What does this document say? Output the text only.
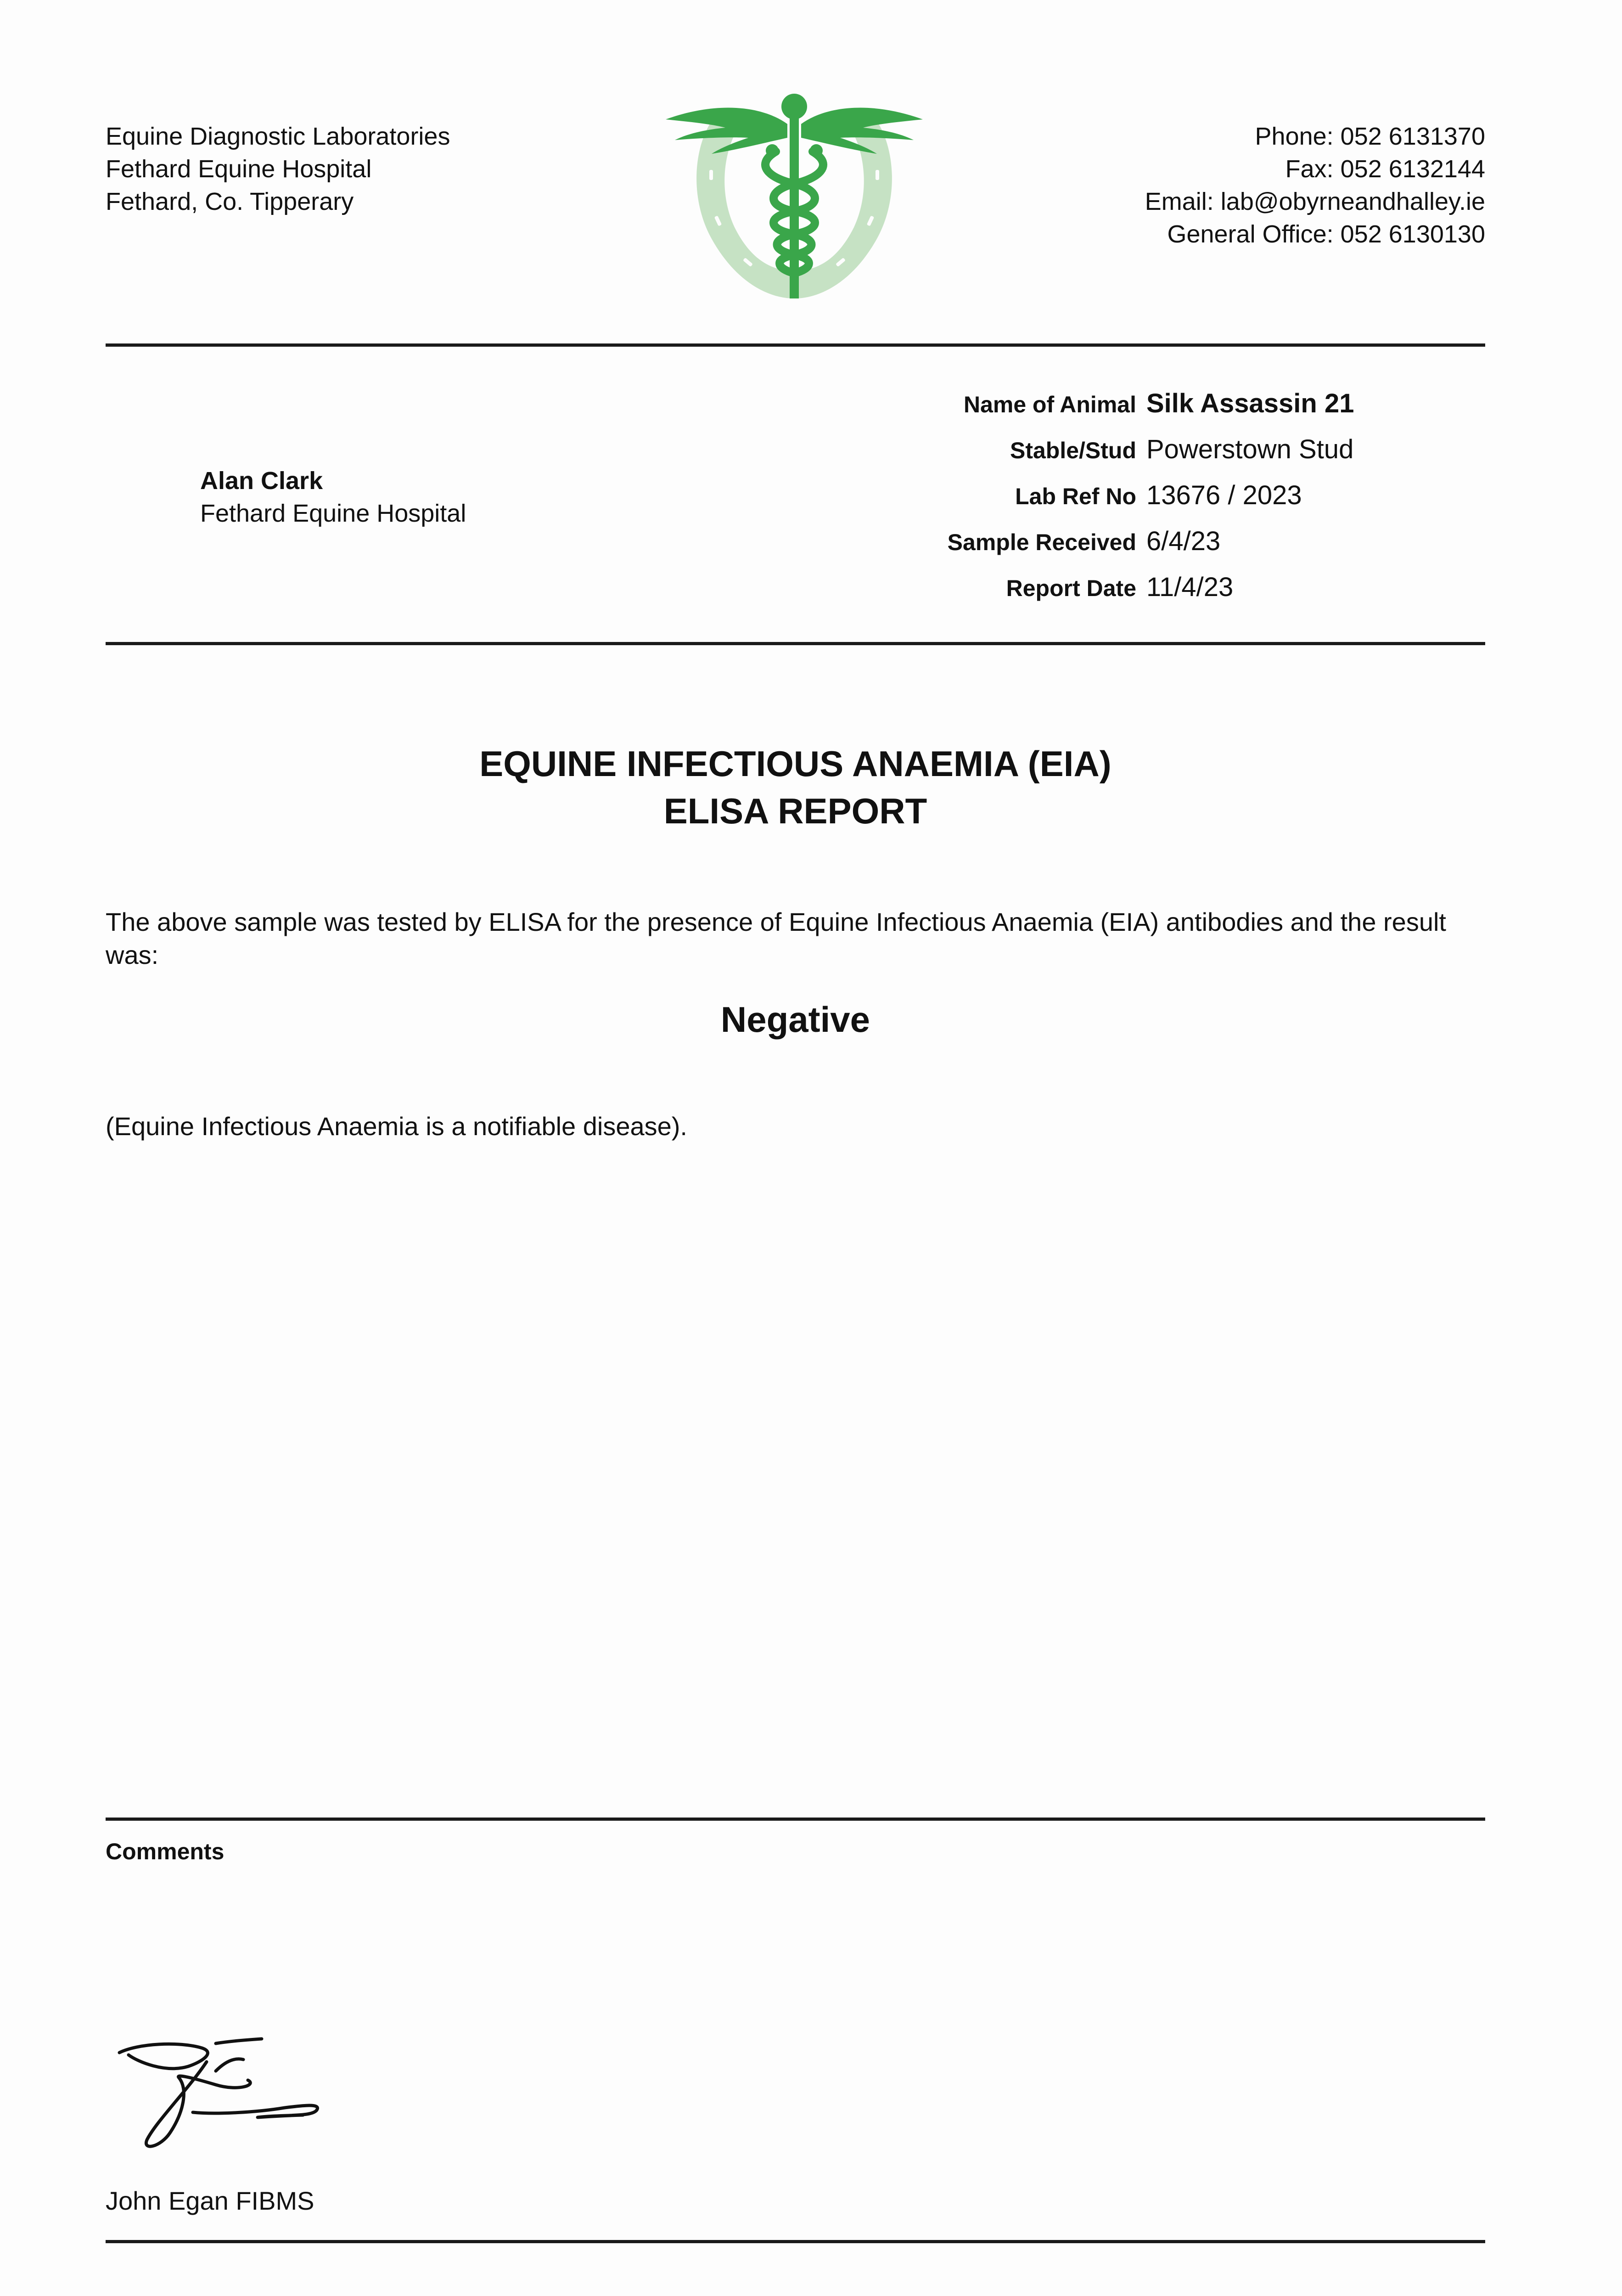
Equine Diagnostic Laboratories
Fethard Equine Hospital
Fethard, Co. Tipperary
Phone: 052 6131370
Fax: 052 6132144
Email: lab@obyrneandhalley.ie
General Office: 052 6130130
Alan Clark
Fethard Equine Hospital
Name of Animal Silk Assassin 21
Stable/Stud Powerstown Stud
Lab Ref No 13676 / 2023
Sample Received 6/4/23
Report Date 11/4/23
EQUINE INFECTIOUS ANAEMIA (EIA)
ELISA REPORT
The above sample was tested by ELISA for the presence of Equine Infectious Anaemia (EIA) antibodies and the result was:
Negative
(Equine Infectious Anaemia is a notifiable disease).
Comments
John Egan FIBMS
